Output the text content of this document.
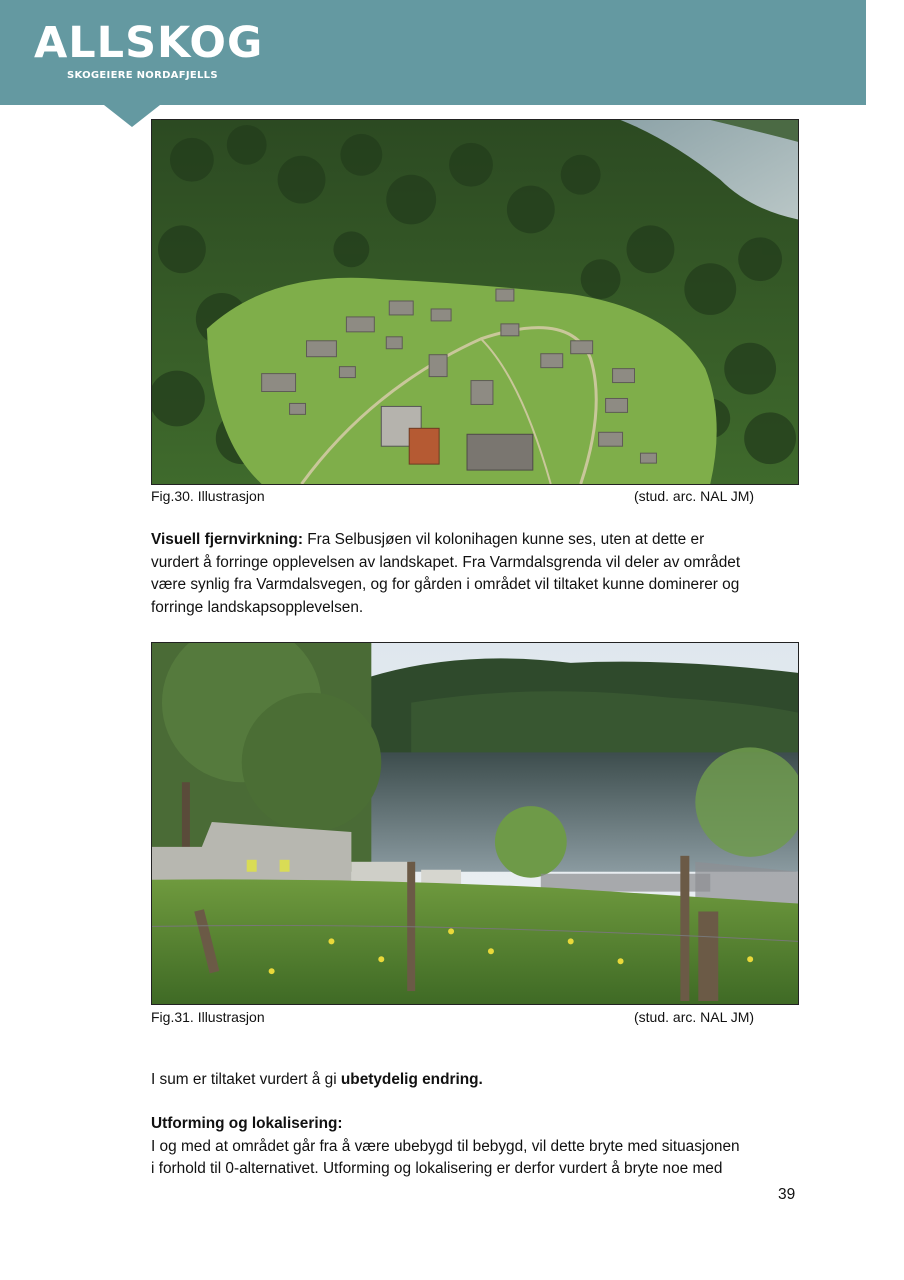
ALLSKOG
SKOGEIERE NORDAFJELLS
Fig.30. Illustrasjon	(stud. arc. NAL JM)
Visuell fjernvirkning: Fra Selbusjøen vil kolonihagen kunne ses, uten at dette er
vurdert å forringe opplevelsen av landskapet. Fra Varmdalsgrenda vil deler av området
være synlig fra Varmdalsvegen, og for gården i området vil tiltaket kunne dominerer og
forringe landskapsopplevelsen.
Fig.31. Illustrasjon	(stud. arc. NAL JM)
I sum er tiltaket vurdert å gi ubetydelig endring.
Utforming og lokalisering:
I og med at området går fra å være ubebygd til bebygd, vil dette bryte med situasjonen
i forhold til 0-alternativet. Utforming og lokalisering er derfor vurdert å bryte noe med
39
